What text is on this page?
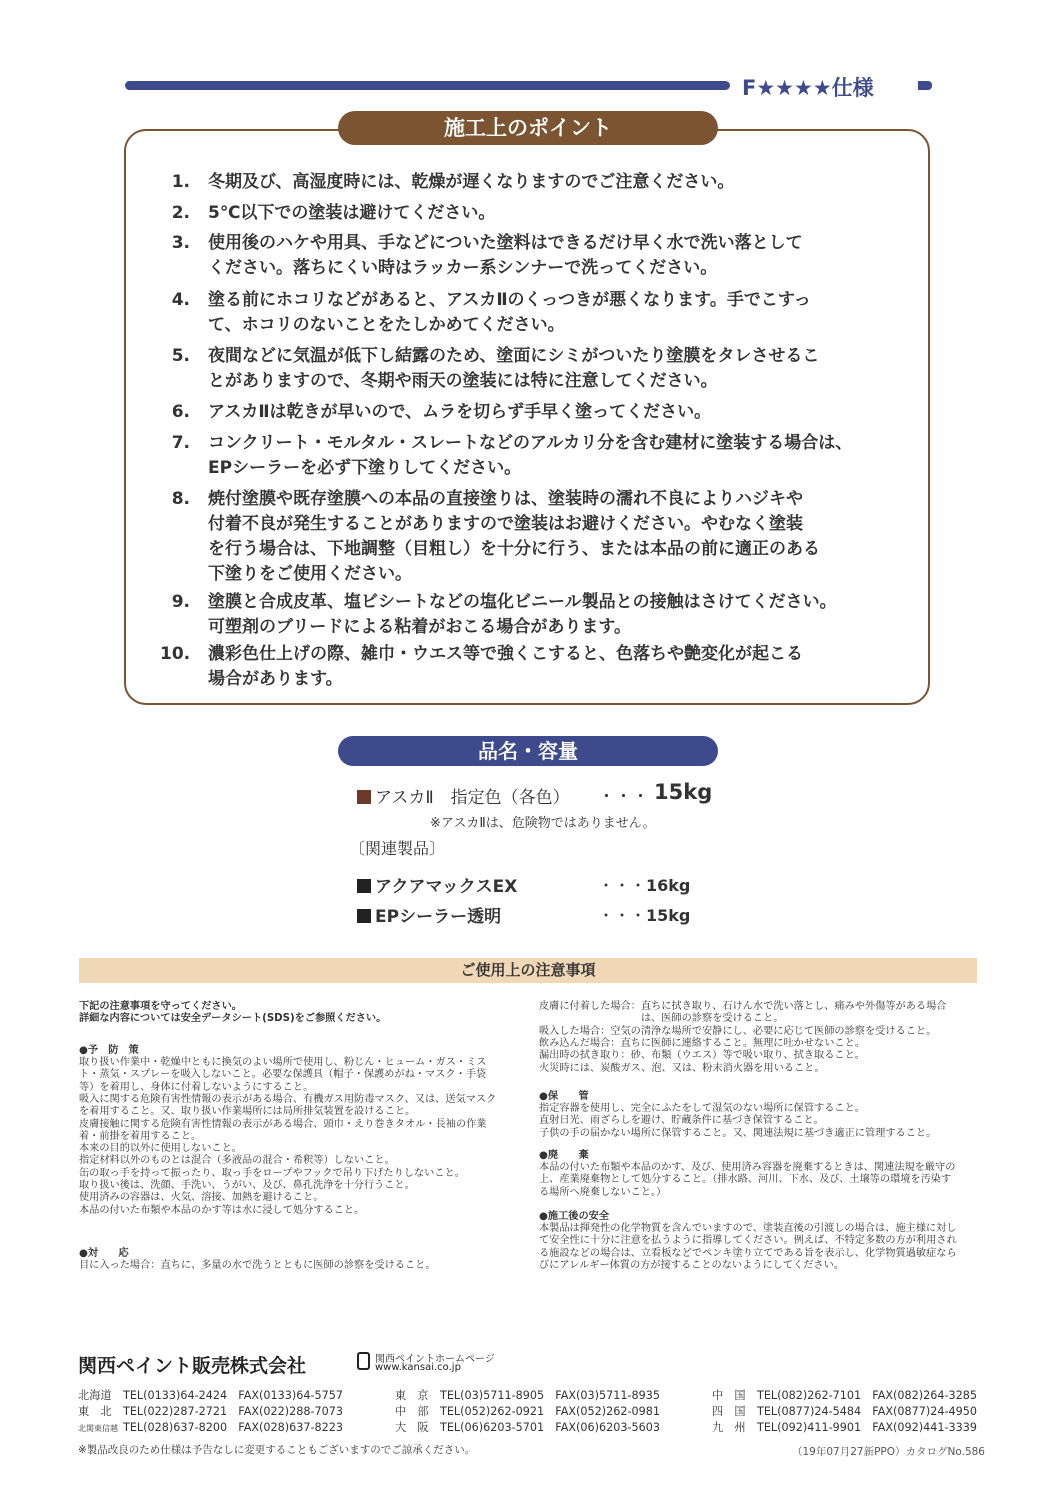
F★★★★仕様
施工上のポイント
1. 冬期及び、高湿度時には、乾燥が遅くなりますのでご注意ください。
2. 5℃以下での塗装は避けてください。
3. 使用後のハケや用具、手などについた塗料はできるだけ早く水で洗い落として
ください。落ちにくい時はラッカー系シンナーで洗ってください。
4. 塗る前にホコリなどがあると、アスカⅡのくっつきが悪くなります。手でこすっ
て、ホコリのないことをたしかめてください。
5. 夜間などに気温が低下し結露のため、塗面にシミがついたり塗膜をタレさせるこ
とがありますので、冬期や雨天の塗装には特に注意してください。
6. アスカⅡは乾きが早いので、ムラを切らず手早く塗ってください。
7. コンクリート・モルタル・スレートなどのアルカリ分を含む建材に塗装する場合は、
EPシーラーを必ず下塗りしてください。
8. 焼付塗膜や既存塗膜への本品の直接塗りは、塗装時の濡れ不良によりハジキや
付着不良が発生することがありますので塗装はお避けください。やむなく塗装
を行う場合は、下地調整（目粗し）を十分に行う、または本品の前に適正のある
下塗りをご使用ください。
9. 塗膜と合成皮革、塩ビシートなどの塩化ビニール製品との接触はさけてください。
可塑剤のブリードによる粘着がおこる場合があります。
10. 濃彩色仕上げの際、雑巾・ウエス等で強くこすると、色落ちや艶変化が起こる
場合があります。
品名・容量
アスカⅡ　指定色（各色） ・・・ 15kg
※アスカⅡは、危険物ではありません。
〔関連製品〕
アクアマックスEX	・・・16kg
EPシーラー透明	・・・15kg
ご使用上の注意事項
下記の注意事項を守ってください。
詳細な内容については安全データシート(SDS)をご参照ください。
●予　防　策
取り扱い作業中・乾燥中ともに換気のよい場所で使用し、粉じん・ヒューム・ガス・ミス
ト・蒸気・スプレーを吸入しないこと。必要な保護具（帽子・保護めがね・マスク・手袋
等）を着用し、身体に付着しないようにすること。
吸入に関する危険有害性情報の表示がある場合、有機ガス用防毒マスク、又は、送気マスク
を着用すること。又、取り扱い作業場所には局所排気装置を設けること。
皮膚接触に関する危険有害性情報の表示がある場合、頭巾・えり巻きタオル・長袖の作業
着・前掛を着用すること。
本来の目的以外に使用しないこと。
指定材料以外のものとは混合（多液品の混合・希釈等）しないこと。
缶の取っ手を持って振ったり、取っ手をロープやフックで吊り下げたりしないこと。
取り扱い後は、洗顔、手洗い、うがい、及び、鼻孔洗浄を十分行うこと。
使用済みの容器は、火気、溶接、加熱を避けること。
本品の付いた布類や本品のかす等は水に浸して処分すること。
●対　　応
目に入った場合：直ちに、多量の水で洗うとともに医師の診察を受けること。
皮膚に付着した場合：直ちに拭き取り、石けん水で洗い落とし、痛みや外傷等がある場合
　　　　　　　　　　は、医師の診察を受けること。
吸入した場合：空気の清浄な場所で安静にし、必要に応じて医師の診察を受けること。
飲み込んだ場合：直ちに医師に連絡すること。無理に吐かせないこと。
漏出時の拭き取り：砂、布類（ウエス）等で吸い取り、拭き取ること。
火災時には、炭酸ガス、泡、又は、粉末消火器を用いること。
●保　　管
指定容器を使用し、完全にふたをして湿気のない場所に保管すること。
直射日光、雨ざらしを避け、貯蔵条件に基づき保管すること。
子供の手の届かない場所に保管すること。又、関連法規に基づき適正に管理すること。
●廃　　棄
本品の付いた布類や本品のかす、及び、使用済み容器を廃棄するときは、関連法規を厳守の
上、産業廃棄物として処分すること。（排水路、河川、下水、及び、土壌等の環境を汚染す
る場所へ廃棄しないこと。）
●施工後の安全
本製品は揮発性の化学物質を含んでいますので、塗装直後の引渡しの場合は、施主様に対し
て安全性に十分に注意を払うように指導してください。例えば、不特定多数の方が利用され
る施設などの場合は、立看板などでペンキ塗り立てである旨を表示し、化学物質過敏症なら
びにアレルギー体質の方が接することのないようにしてください。
関西ペイント販売株式会社	関西ペイントホームページ
www.kansai.co.jp
北海道 TEL(0133)64-2424　FAX(0133)64-5757
東　北 TEL(022)287-2721　FAX(022)288-7073
北関東信越 TEL(028)637-8200　FAX(028)637-8223
東　京 TEL(03)5711-8905　FAX(03)5711-8935
中　部 TEL(052)262-0921　FAX(052)262-0981
大　阪 TEL(06)6203-5701　FAX(06)6203-5603
中　国 TEL(082)262-7101　FAX(082)264-3285
四　国 TEL(0877)24-5484　FAX(0877)24-4950
九　州 TEL(092)411-9901　FAX(092)441-3339
※製品改良のため仕様は予告なしに変更することもございますのでご諒承ください。	（19年07月27新PPO）カタログNo.586
